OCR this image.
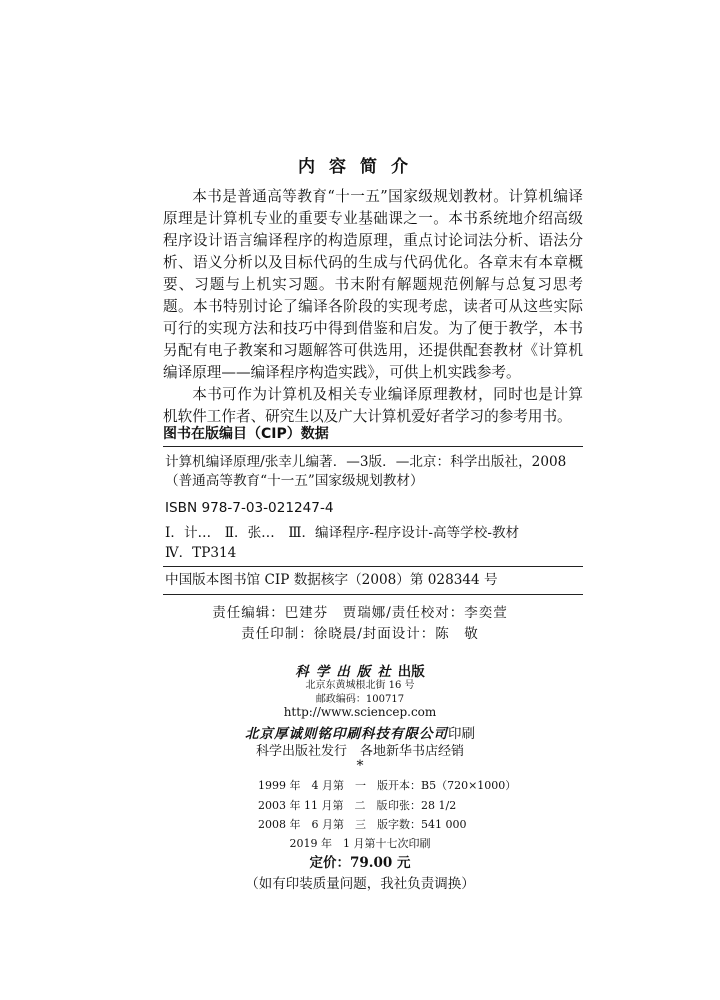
内容简介

本书是普通高等教育“十一五”国家级规划教材。计算机编译原理是计算机专业的重要专业基础课之一。本书系统地介绍高级程序设计语言编译程序的构造原理，重点讨论词法分析、语法分析、语义分析以及目标代码的生成与代码优化。各章末有本章概要、习题与上机实习题。书末附有解题规范例解与总复习思考题。本书特别讨论了编译各阶段的实现考虑，读者可从这些实际可行的实现方法和技巧中得到借鉴和启发。为了便于教学，本书另配有电子教案和习题解答可供选用，还提供配套教材《计算机编译原理——编译程序构造实践》，可供上机实践参考。

本书可作为计算机及相关专业编译原理教材，同时也是计算机软件工作者、研究生以及广大计算机爱好者学习的参考用书。

图书在版编目（CIP）数据
计算机编译原理/张幸儿编著．—3版．—北京：科学出版社，2008
（普通高等教育“十一五”国家级规划教材）
ISBN 978-7-03-021247-4
Ⅰ．计…　Ⅱ．张…　Ⅲ．编译程序-程序设计-高等学校-教材
Ⅳ．TP314
中国版本图书馆 CIP 数据核字（2008）第 028344 号
责任编辑：巴建芬　贾瑞娜/责任校对：李奕萱
责任印制：徐晓晨/封面设计：陈　敬
科学出版社出版
北京东黄城根北街 16 号
邮政编码：100717
http://www.sciencep.com
北京厚诚则铭印刷科技有限公司印刷
科学出版社发行　各地新华书店经销
*
1999 年　4 月第　一　版开本：B5（720×1000）
2003 年 11 月第　二　版印张：28 1/2
2008 年　6 月第　三　版字数：541 000
2019 年　1 月第十七次印刷
定价：79.00 元
（如有印装质量问题，我社负责调换）
